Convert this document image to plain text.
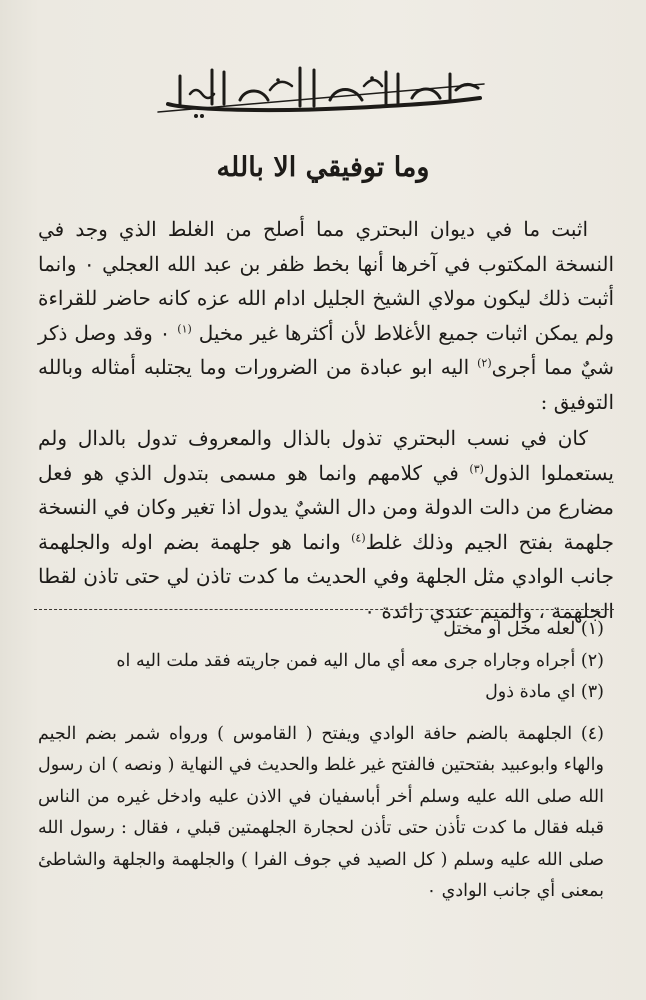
وما توفيقي الا بالله

اثبت ما في ديوان البحتري مما أصلح من الغلط الذي وجد في النسخة المكتوب في آخرها أنها بخط ظفر بن عبد الله العجلي ٠ وانما أثبت ذلك ليكون مولاي الشيخ الجليل ادام الله عزه كانه حاضر للقراءة ولم يمكن اثبات جميع الأغلاط لأن أكثرها غير مخيل $^{(١)}$ ٠ وقد وصل ذكر شيٌ مما أجرى$^{(٢)}$ اليه ابو عبادة من الضرورات وما يجتلبه أمثاله وبالله التوفيق :

كان في نسب البحتري تذول بالذال والمعروف تدول بالدال ولم يستعملوا الذول$^{(٣)}$ في كلامهم وانما هو مسمى بتدول الذي هو فعل مضارع من دالت الدولة ومن دال الشيٌ يدول اذا تغير وكان في النسخة جلهمة بفتح الجيم وذلك غلط$^{(٤)}$ وانما هو جلهمة بضم اوله والجلهمة جانب الوادي مثل الجلهة وفي الحديث ما كدت تاذن لي حتى تاذن لقطا الجلهمة ، والميم عندي زائدة ٠

(١) لعله مخل او مختل

(٢) أجراه وجاراه جرى معه أي مال اليه فمن جاريته فقد ملت اليه اه

(٣) اي مادة ذول

(٤) الجلهمة بالضم حافة الوادي ويفتح ( القاموس ) ورواه شمر بضم الجيم والهاء وابوعبيد بفتحتين فالفتح غير غلط والحديث في النهاية ( ونصه ) ان رسول الله صلى الله عليه وسلم أخر أباسفيان في الاذن عليه وادخل غيره من الناس قبله فقال ما كدت تأذن حتى تأذن لحجارة الجلهمتين قبلي ، فقال : رسول الله صلى الله عليه وسلم ( كل الصيد في جوف الفرا ) والجلهمة والجلهة والشاطئ بمعنى أي جانب الوادي ٠
